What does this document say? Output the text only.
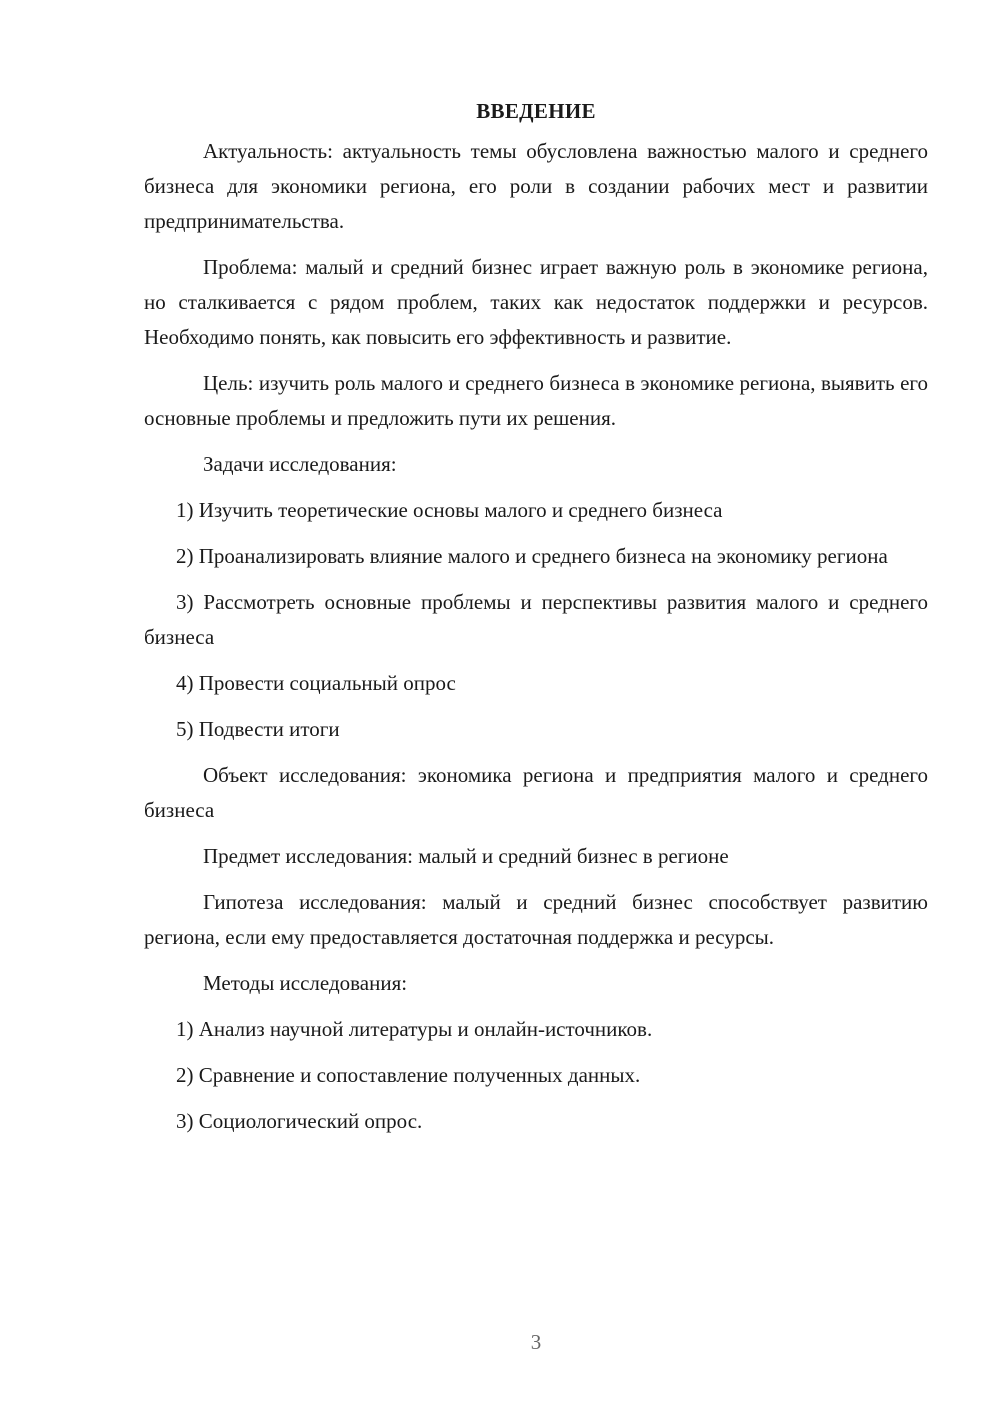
ВВЕДЕНИЕ

Актуальность: актуальность темы обусловлена важностью малого и среднего бизнеса для экономики региона, его роли в создании рабочих мест и развитии предпринимательства.

Проблема: малый и средний бизнес играет важную роль в экономике региона, но сталкивается с рядом проблем, таких как недостаток поддержки и ресурсов. Необходимо понять, как повысить его эффективность и развитие.

Цель: изучить роль малого и среднего бизнеса в экономике региона, выявить его основные проблемы и предложить пути их решения.

Задачи исследования:

1) Изучить теоретические основы малого и среднего бизнеса

2) Проанализировать влияние малого и среднего бизнеса на экономику региона

3) Рассмотреть основные проблемы и перспективы развития малого и среднего бизнеса

4) Провести социальный опрос

5) Подвести итоги

Объект исследования: экономика региона и предприятия малого и среднего бизнеса

Предмет исследования: малый и средний бизнес в регионе

Гипотеза исследования: малый и средний бизнес способствует развитию региона, если ему предоставляется достаточная поддержка и ресурсы.

Методы исследования:

1) Анализ научной литературы и онлайн-источников.

2) Сравнение и сопоставление полученных данных.

3) Социологический опрос.

3
